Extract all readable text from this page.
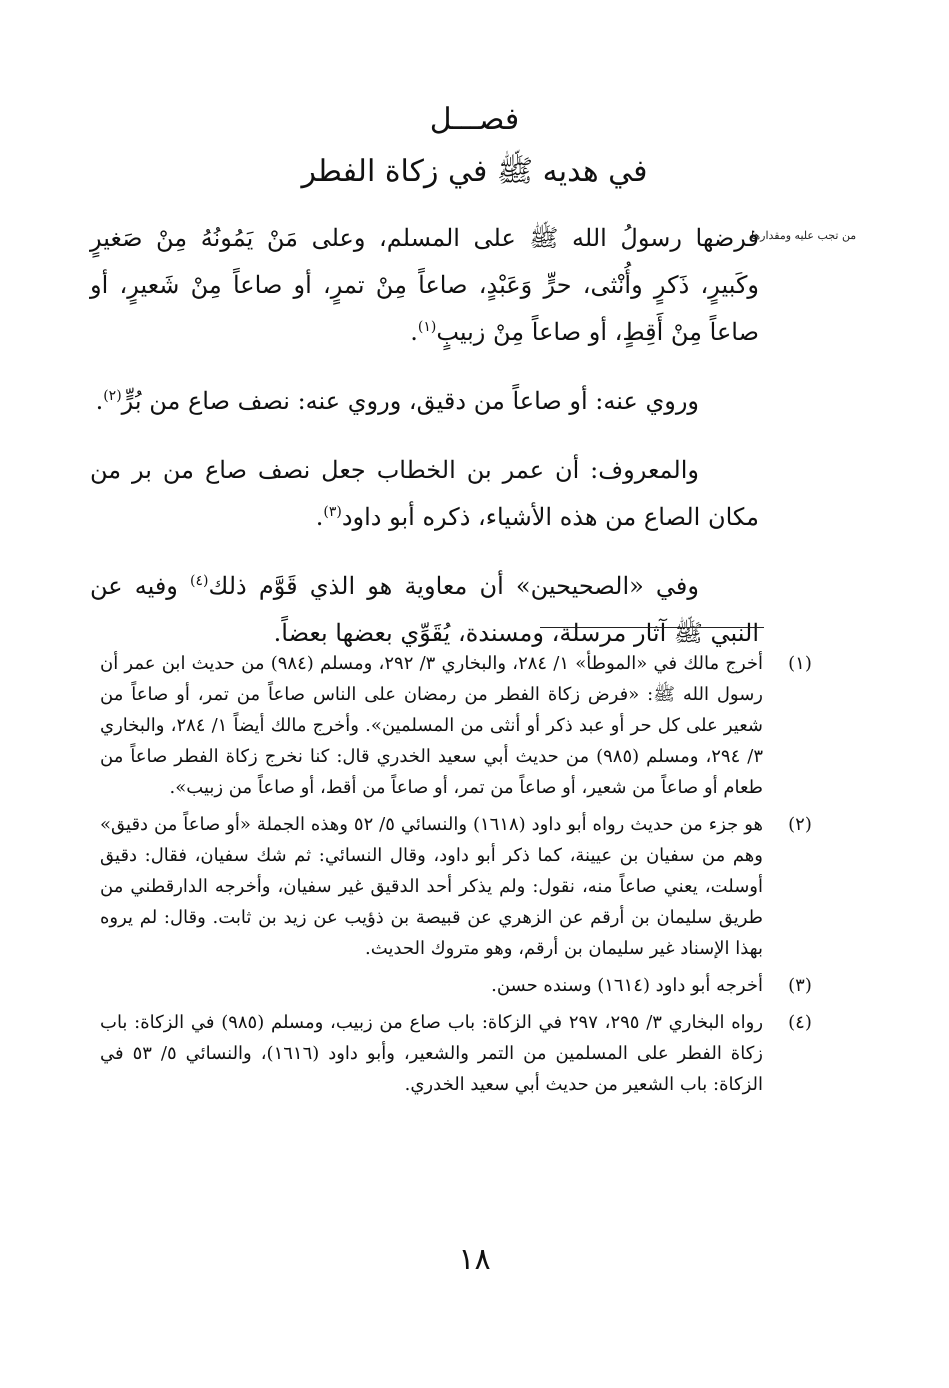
فصـــل
في هديه ﷺ في زكاة الفطر
من تجب عليه ومقدارها

فرضها رسولُ الله ﷺ على المسلم، وعلى مَنْ يَمُونُهُ مِنْ صَغيرٍ وكَبيرٍ، ذَكرٍ وأُنْثى، حرٍّ وَعَبْدٍ، صاعاً مِنْ تمرٍ، أو صاعاً مِنْ شَعيرٍ، أو صاعاً مِنْ أَقِطٍ، أو صاعاً مِنْ زبيبٍ$^{(١)}$.

وروي عنه: أو صاعاً من دقيق، وروي عنه: نصف صاع من بُرٍّ$^{(٢)}$.

والمعروف: أن عمر بن الخطاب جعل نصف صاع من بر من مكان الصاع من هذه الأشياء، ذكره أبو داود$^{(٣)}$.

وفي «الصحيحين» أن معاوية هو الذي قَوَّم ذلك$^{(٤)}$ وفيه عن النبي ﷺ آثار مرسلة، ومسندة، يُقَوِّي بعضها بعضاً.

(١)
أخرج مالك في «الموطأ» ١/ ٢٨٤، والبخاري ٣/ ٢٩٢، ومسلم (٩٨٤) من حديث ابن عمر أن رسول الله ﷺ: «فرض زكاة الفطر من رمضان على الناس صاعاً من تمر، أو صاعاً من شعير على كل حر أو عبد ذكر أو أنثى من المسلمين». وأخرج مالك أيضاً ١/ ٢٨٤، والبخاري ٣/ ٢٩٤، ومسلم (٩٨٥) من حديث أبي سعيد الخدري قال: كنا نخرج زكاة الفطر صاعاً من طعام أو صاعاً من شعير، أو صاعاً من تمر، أو صاعاً من أقط، أو صاعاً من زبيب».
(٢)
هو جزء من حديث رواه أبو داود (١٦١٨) والنسائي ٥/ ٥٢ وهذه الجملة «أو صاعاً من دقيق» وهم من سفيان بن عيينة، كما ذكر أبو داود، وقال النسائي: ثم شك سفيان، فقال: دقيق أوسلت، يعني صاعاً منه، نقول: ولم يذكر أحد الدقيق غير سفيان، وأخرجه الدارقطني من طريق سليمان بن أرقم عن الزهري عن قبيصة بن ذؤيب عن زيد بن ثابت. وقال: لم يروه بهذا الإسناد غير سليمان بن أرقم، وهو متروك الحديث.
(٣)
أخرجه أبو داود (١٦١٤) وسنده حسن.
(٤)
رواه البخاري ٣/ ٢٩٥، ٢٩٧ في الزكاة: باب صاع من زبيب، ومسلم (٩٨٥) في الزكاة: باب زكاة الفطر على المسلمين من التمر والشعير، وأبو داود (١٦١٦)، والنسائي ٥/ ٥٣ في الزكاة: باب الشعير من حديث أبي سعيد الخدري.
١٨
